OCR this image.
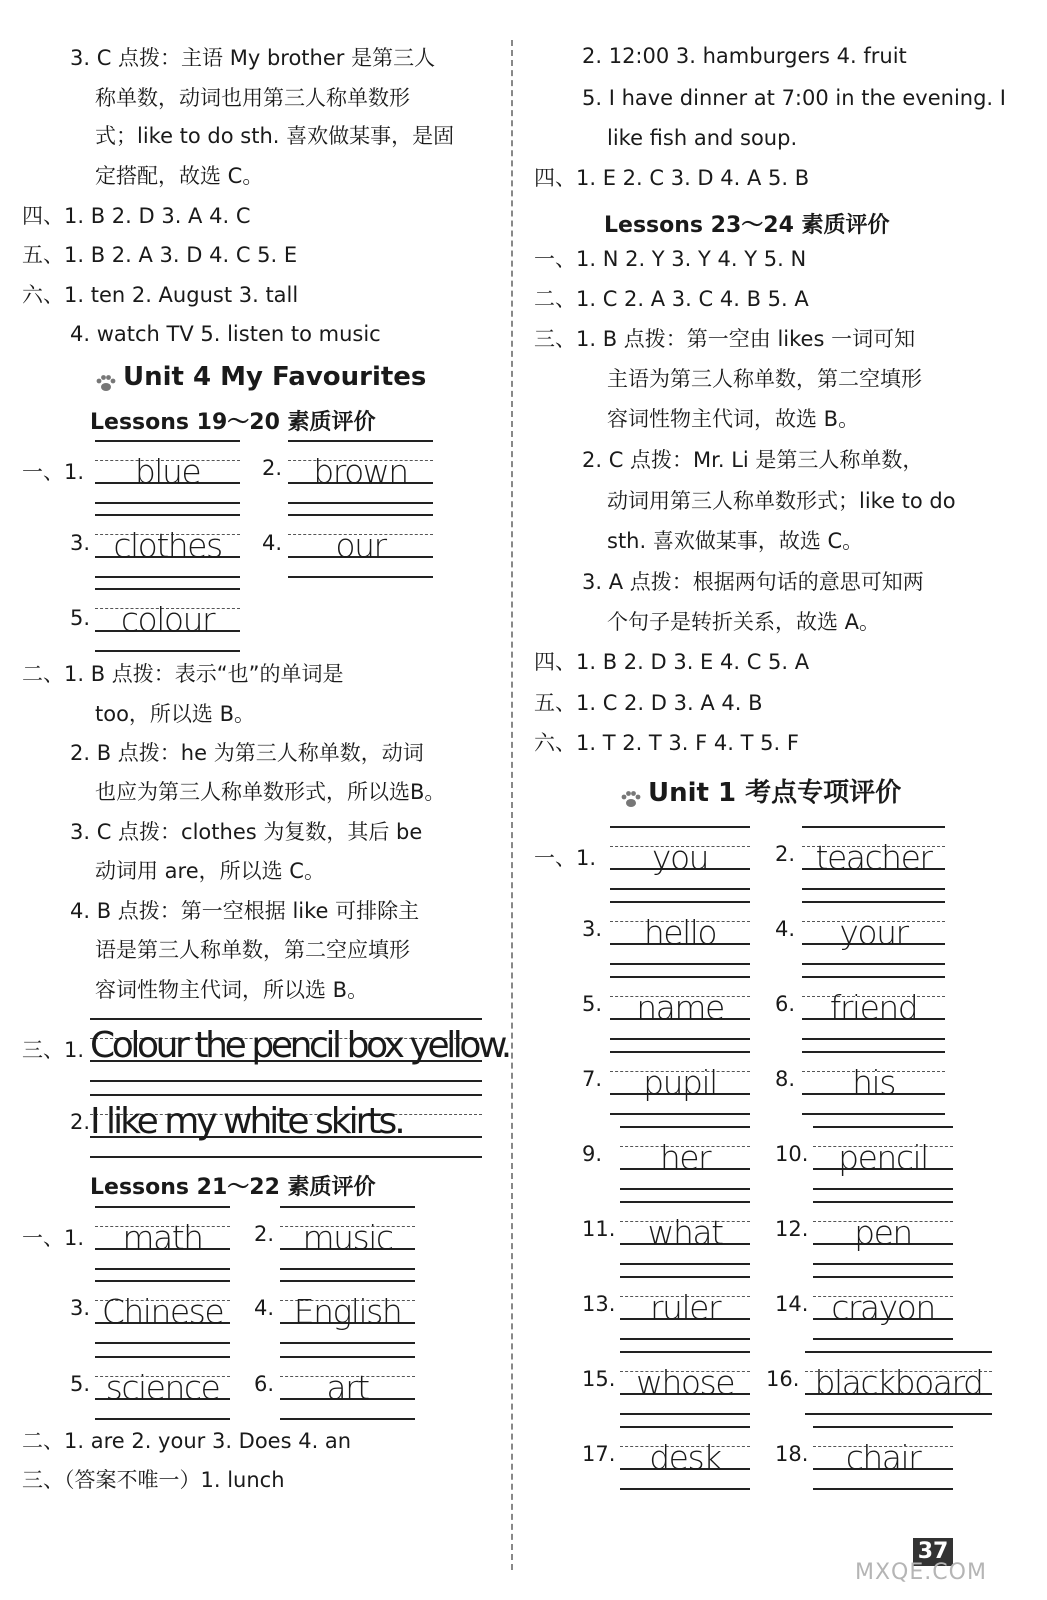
3. C 点拨：主语 My brother 是第三人
称单数，动词也用第三人称单数形
式；like to do sth. 喜欢做某事，是固
定搭配，故选 C。
四、1. B 2. D 3. A 4. C
五、1. B 2. A 3. D 4. C 5. E
六、1. ten 2. August 3. tall
4. watch TV 5. listen to music
Unit 4 My Favourites
Lessons 19～20 素质评价
一、1.	blue	2. brown
3. clothes	4.	our
5. colour
二、1. B 点拨：表示“也”的单词是
too，所以选 B。
2. B 点拨：he 为第三人称单数，动词
也应为第三人称单数形式，所以选B。
3. C 点拨：clothes 为复数，其后 be
动词用 are，所以选 C。
4. B 点拨：第一空根据 like 可排除主
语是第三人称单数，第二空应填形
容词性物主代词，所以选 B。
三、1. Colour the pencil box yellow.
2. I like my white skirts.
Lessons 21～22 素质评价
一、1.	math	2. music
3. Chinese	4. English
5. science	6.	art
二、1. are 2. your 3. Does 4. an
三、（答案不唯一）1. lunch
2. 12:00 3. hamburgers 4. fruit
5. I have dinner at 7:00 in the evening. I
like fish and soup.
四、1. E 2. C 3. D 4. A 5. B
Lessons 23～24 素质评价
一、1. N 2. Y 3. Y 4. Y 5. N
二、1. C 2. A 3. C 4. B 5. A
三、1. B 点拨：第一空由 likes 一词可知
主语为第三人称单数，第二空填形
容词性物主代词，故选 B。
2. C 点拨：Mr. Li 是第三人称单数，
动词用第三人称单数形式；like to do
sth. 喜欢做某事，故选 C。
3. A 点拨：根据两句话的意思可知两
个句子是转折关系，故选 A。
四、1. B 2. D 3. E 4. C 5. A
五、1. C 2. D 3. A 4. B
六、1. T 2. T 3. F 4. T 5. F
Unit 1 考点专项评价
一、1.	you	2. teacher
3.	hello	4.	your
5.	name	6.	friend
7.	pupil	8.	his
9.	her	10. pencil
11. what	12.	pen
13.	ruler	14. crayon
15. whose	16. blackboard
17.	desk	18.	chair
37
MXQE.COM
